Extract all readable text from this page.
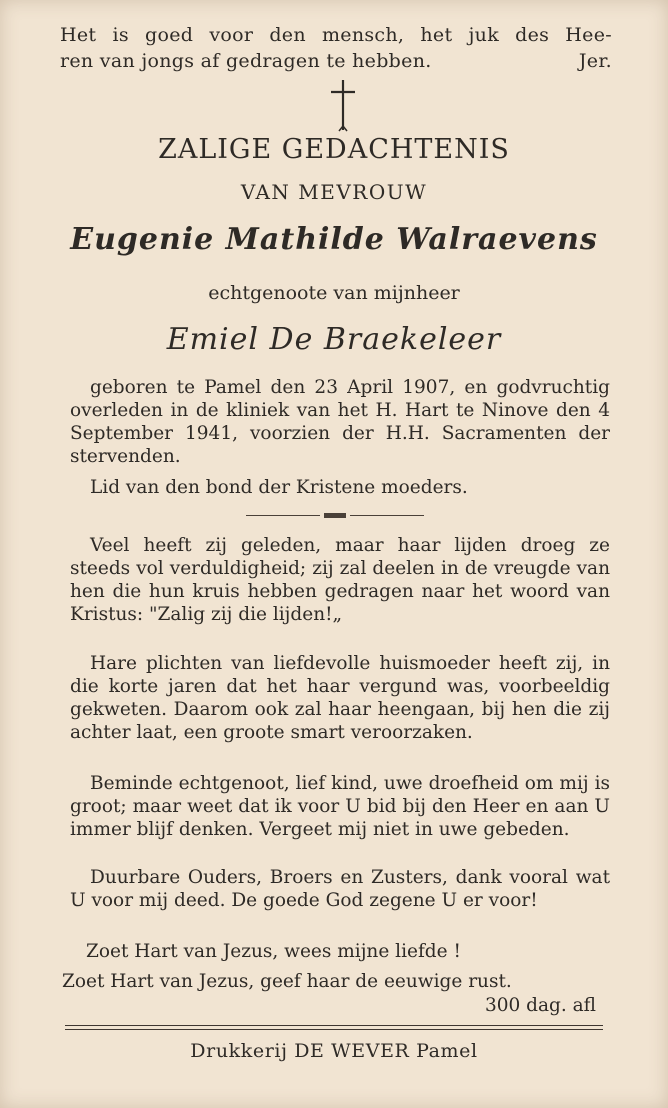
Het is goed voor den mensch, het juk des Hee-
ren van jongs af gedragen te hebben.	Jer.
ZALIGE GEDACHTENIS
VAN MEVROUW
Eugenie Mathilde Walraevens
echtgenoote van mijnheer
Emiel De Braekeleer
geboren te Pamel den 23 April 1907, en godvruchtig overleden in de kliniek van het H. Hart te Ninove den 4 September 1941, voorzien der H.H. Sacramenten der stervenden.
Lid van den bond der Kristene moeders.
Veel heeft zij geleden, maar haar lijden droeg ze steeds vol verduldigheid; zij zal deelen in de vreugde van hen die hun kruis hebben gedragen naar het woord van Kristus: "Zalig zij die lijden!„
Hare plichten van liefdevolle huismoeder heeft zij, in die korte jaren dat het haar vergund was, voorbeeldig gekweten. Daarom ook zal haar heengaan, bij hen die zij achter laat, een groote smart veroorzaken.
Beminde echtgenoot, lief kind, uwe droefheid om mij is groot; maar weet dat ik voor U bid bij den Heer en aan U immer blijf denken. Vergeet mij niet in uwe gebeden.
Duurbare Ouders, Broers en Zusters, dank vooral wat U voor mij deed. De goede God zegene U er voor!
Zoet Hart van Jezus, wees mijne liefde !
Zoet Hart van Jezus, geef haar de eeuwige rust.
300 dag. afl
Drukkerij DE WEVER Pamel
